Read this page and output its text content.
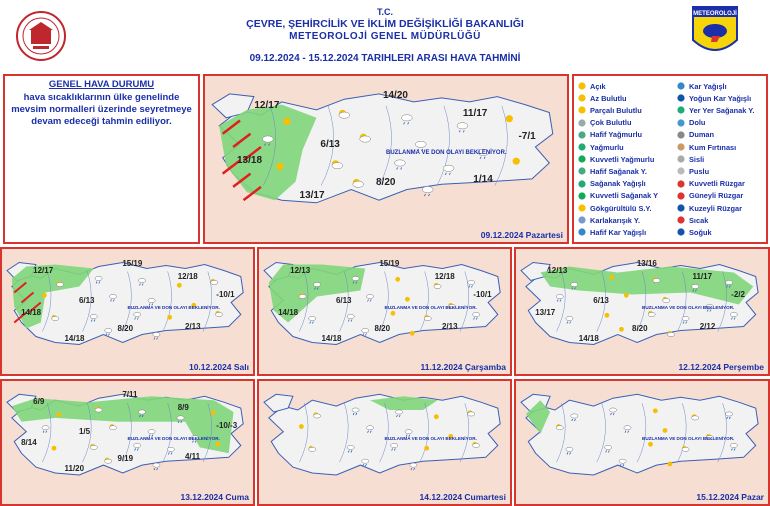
T.C.
ÇEVRE, ŞEHİRCİLİK VE İKLİM DEĞİŞİKLİĞİ BAKANLIĞI
METEOROLOJİ GENEL MÜDÜRLÜĞÜ
09.12.2024 - 15.12.2024 TARIHLERI ARASI HAVA TAHMİNİ
METEOROLOJİ
GENEL HAVA DURUMU
hava sıcaklıklarının ülke genelinde mevsim normalleri üzerinde seyretmeye devam edeceği tahmin ediliyor.
Açık
Az Bulutlu
Parçalı Bulutlu
Çok Bulutlu
Hafif Yağmurlu
Yağmurlu
Kuvvetli Yağmurlu
Hafif Sağanak Y.
Sağanak Yağışlı
Kuvvetli Sağanak Y
Gökgürültülü S.Y.
Karlakarışık Y.
Hafif Kar Yağışlı
Kar Yağışlı
Yoğun Kar Yağışlı
Yer Yer Sağanak Y.
Dolu
Duman
Kum Fırtınası
Sisli
Puslu
Kuvvetli Rüzgar
Güneyli Rüzgar
Kuzeyli Rüzgar
Sıcak
Soğuk
12/17
14/20
11/17
6/13
-7/1
13/18
8/20	1/14
13/17
BUZLANMA VE DON OLAYI BEKLENİYOR.
09.12.2024 Pazartesi
12/17
15/19
12/18
6/13
-10/1
14/18
8/20	2/13
14/18
BUZLANMA VE DON OLAYI BEKLENİYOR.
10.12.2024 Salı
12/13
15/19
12/18
6/13
-10/1
14/18
8/20	2/13
14/18
BUZLANMA VE DON OLAYI BEKLENİYOR.
11.12.2024 Çarşamba
12/13
13/16
11/17
6/13
-2/2
13/17
8/20	2/12
14/18
BUZLANMA VE DON OLAYI BEKLENİYOR.
12.12.2024 Perşembe
6/9
7/11
8/9
1/5
-10/-3
8/14
9/19	4/11
11/20
BUZLANMA VE DON OLAYI BEKLENİYOR.
13.12.2024 Cuma
BUZLANMA VE DON OLAYI BEKLENİYOR.
14.12.2024 Cumartesi
BUZLANMA VE DON OLAYI BEKLENİYOR.
15.12.2024 Pazar
